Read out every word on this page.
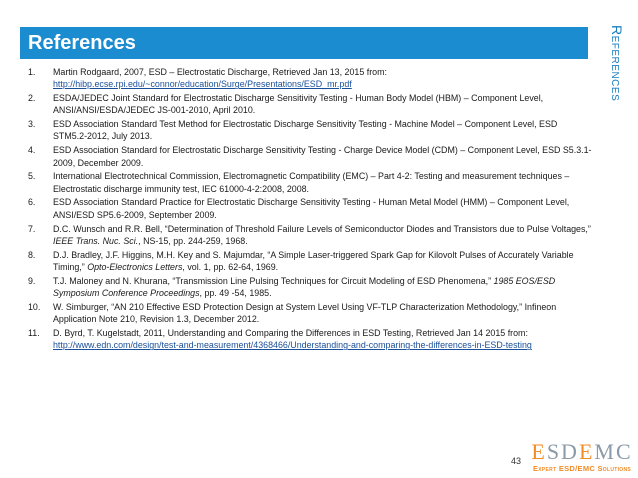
References	References
1.	Martin Rodgaard, 2007, ESD – Electrostatic Discharge, Retrieved Jan 13, 2015 from:
http://hibp.ecse.rpi.edu/~connor/education/Surge/Presentations/ESD_mr.pdf
2.	ESDA/JEDEC Joint Standard for Electrostatic Discharge Sensitivity Testing - Human Body Model (HBM) – Component Level, ANSI/ANSI/ESDA/JEDEC JS-001-2010, April 2010.
3.	ESD Association Standard Test Method for Electrostatic Discharge Sensitivity Testing - Machine Model – Component Level, ESD STM5.2-2012, July 2013.
4.	ESD Association Standard for Electrostatic Discharge Sensitivity Testing - Charge Device Model (CDM) – Component Level, ESD S5.3.1-2009, December 2009.
5.	International Electrotechnical Commission, Electromagnetic Compatibility (EMC) – Part 4-2: Testing and measurement techniques – Electrostatic discharge immunity test, IEC 61000-4-2:2008, 2008.
6.	ESD Association Standard Practice for Electrostatic Discharge Sensitivity Testing - Human Metal Model (HMM) – Component Level, ANSI/ESD SP5.6-2009, September 2009.
7.	D.C. Wunsch and R.R. Bell, “Determination of Threshold Failure Levels of Semiconductor Diodes and Transistors due to Pulse Voltages,” IEEE Trans. Nuc. Sci., NS-15, pp. 244-259, 1968.
8.	D.J. Bradley, J.F. Higgins, M.H. Key and S. Majumdar, “A Simple Laser-triggered Spark Gap for Kilovolt Pulses of Accurately Variable Timing,” Opto-Electronics Letters, vol. 1, pp. 62-64, 1969.
9.	T.J. Maloney and N. Khurana, “Transmission Line Pulsing Techniques for Circuit Modeling of ESD Phenomena,” 1985 EOS/ESD Symposium Conference Proceedings, pp. 49 -54, 1985.
10.	W. Simburger, “AN 210 Effective ESD Protection Design at System Level Using VF-TLP Characterization Methodology,” Infineon Application Note 210, Revision 1.3, December 2012.
11.	D. Byrd, T. Kugelstadt, 2011, Understanding and Comparing the Differences in ESD Testing, Retrieved Jan 14 2015 from:
http://www.edn.com/design/test-and-measurement/4368466/Understanding-and-comparing-the-differences-in-ESD-testing
43 ESDEMC
Expert ESD/EMC Solutions
